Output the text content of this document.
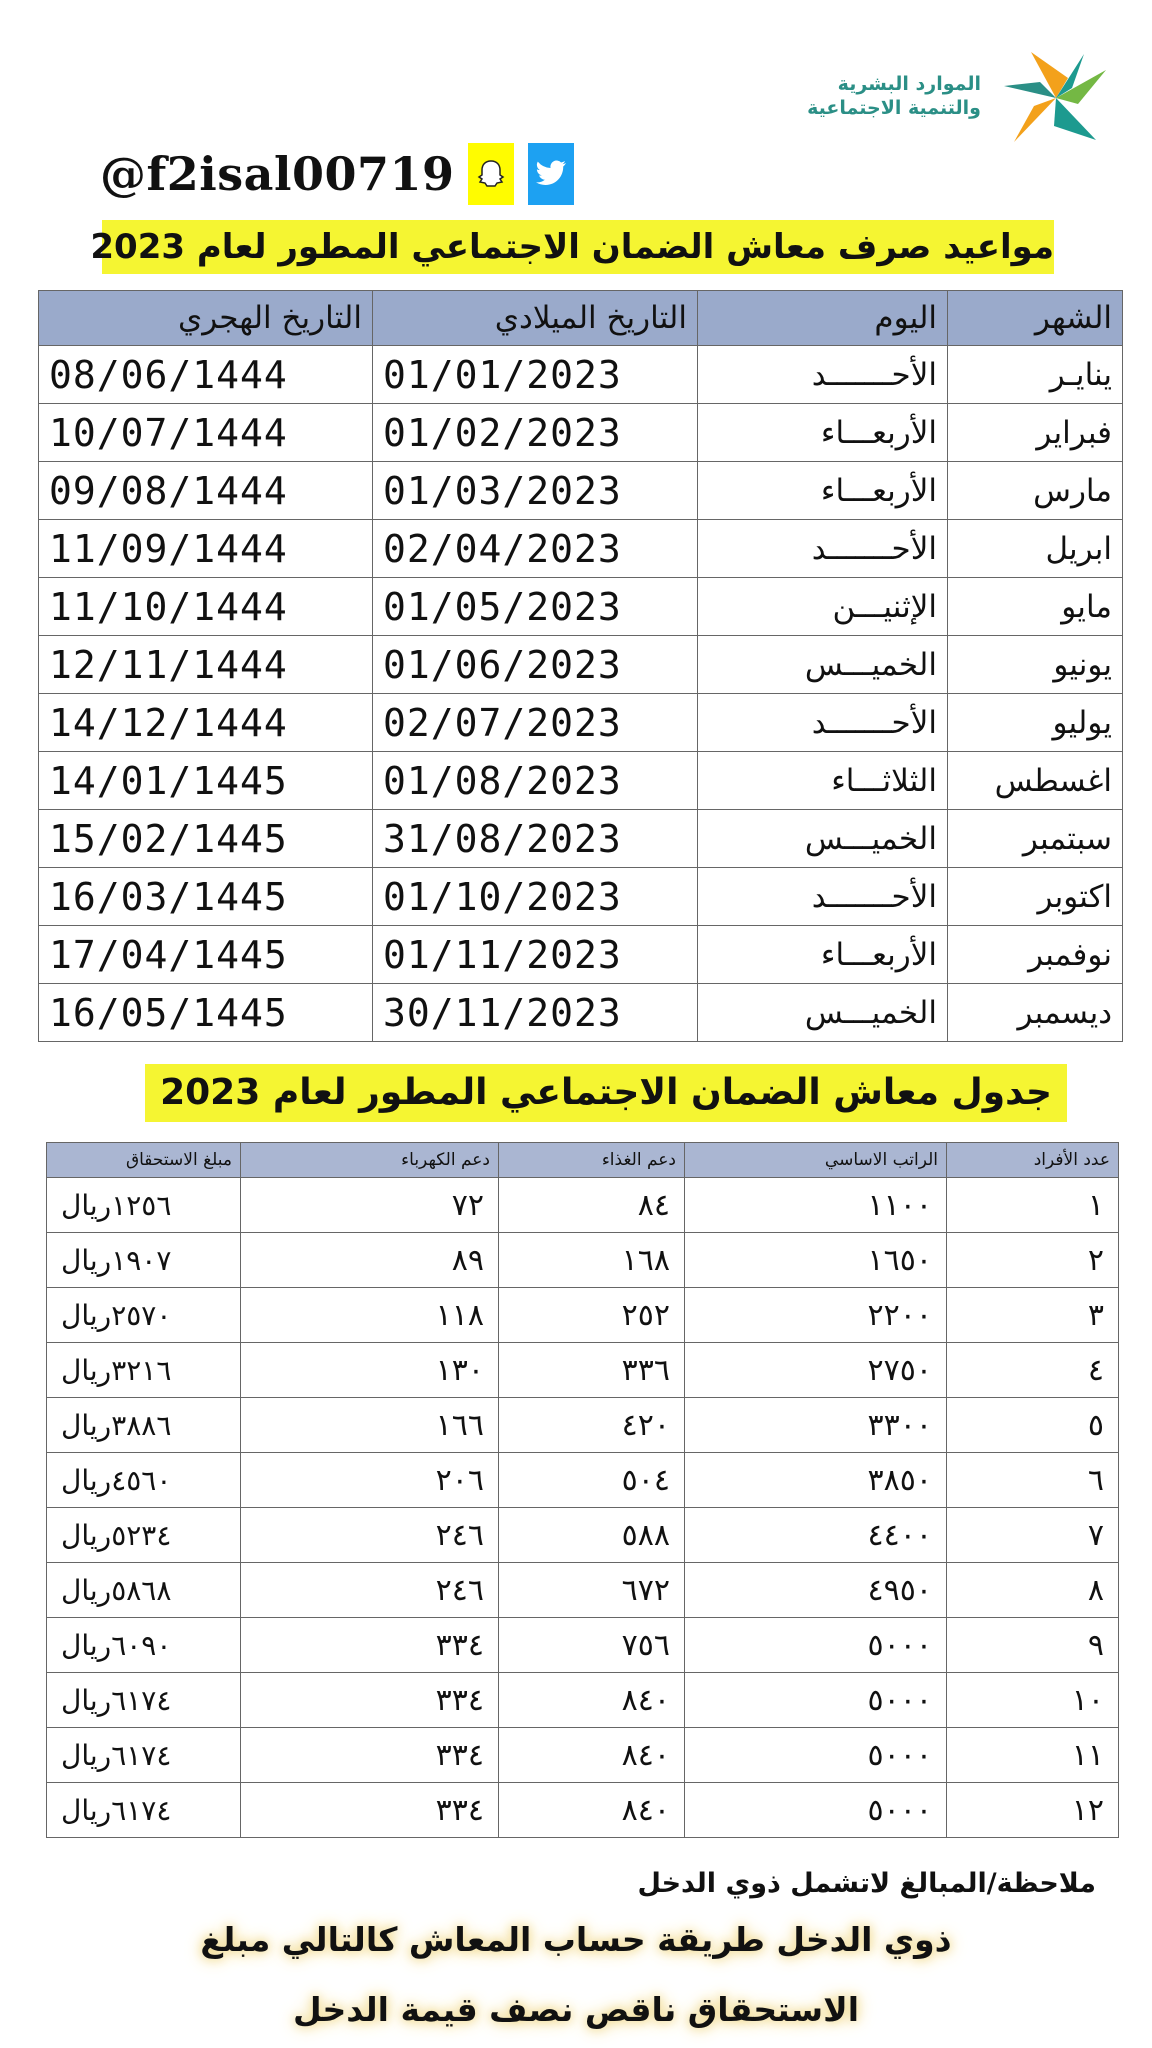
الموارد البشرية
والتنمية الاجتماعية
@f2isal00719
مواعيد صرف معاش الضمان الاجتماعي المطور لعام 2023
الشهر	اليوم	التاريخ الميلادي	التاريخ الهجري
ينايـر	الأحـــــــد	01/01/2023	08/06/1444
فبراير	الأربعـــاء	01/02/2023	10/07/1444
مارس	الأربعـــاء	01/03/2023	09/08/1444
ابريل	الأحـــــــد	02/04/2023	11/09/1444
مايو	الإثنيـــن	01/05/2023	11/10/1444
يونيو	الخميـــس	01/06/2023	12/11/1444
يوليو	الأحـــــــد	02/07/2023	14/12/1444
اغسطس	الثلاثـــاء	01/08/2023	14/01/1445
سبتمبر	الخميـــس	31/08/2023	15/02/1445
اكتوبر	الأحـــــــد	01/10/2023	16/03/1445
نوفمبر	الأربعـــاء	01/11/2023	17/04/1445
ديسمبر	الخميـــس	30/11/2023	16/05/1445
جدول معاش الضمان الاجتماعي المطور لعام 2023
عدد الأفراد	الراتب الاساسي	دعم الغذاء	دعم الكهرباء	مبلغ الاستحقاق
١	١١٠٠	٨٤	٧٢	١٢٥٦ريال
٢	١٦٥٠	١٦٨	٨٩	١٩٠٧ريال
٣	٢٢٠٠	٢٥٢	١١٨	٢٥٧٠ريال
٤	٢٧٥٠	٣٣٦	١٣٠	٣٢١٦ريال
٥	٣٣٠٠	٤٢٠	١٦٦	٣٨٨٦ريال
٦	٣٨٥٠	٥٠٤	٢٠٦	٤٥٦٠ريال
٧	٤٤٠٠	٥٨٨	٢٤٦	٥٢٣٤ريال
٨	٤٩٥٠	٦٧٢	٢٤٦	٥٨٦٨ريال
٩	٥٠٠٠	٧٥٦	٣٣٤	٦٠٩٠ريال
١٠	٥٠٠٠	٨٤٠	٣٣٤	٦١٧٤ريال
١١	٥٠٠٠	٨٤٠	٣٣٤	٦١٧٤ريال
١٢	٥٠٠٠	٨٤٠	٣٣٤	٦١٧٤ريال
ملاحظة/المبالغ لاتشمل ذوي الدخل
ذوي الدخل طريقة حساب المعاش كالتالي مبلغ
الاستحقاق ناقص نصف قيمة الدخل
